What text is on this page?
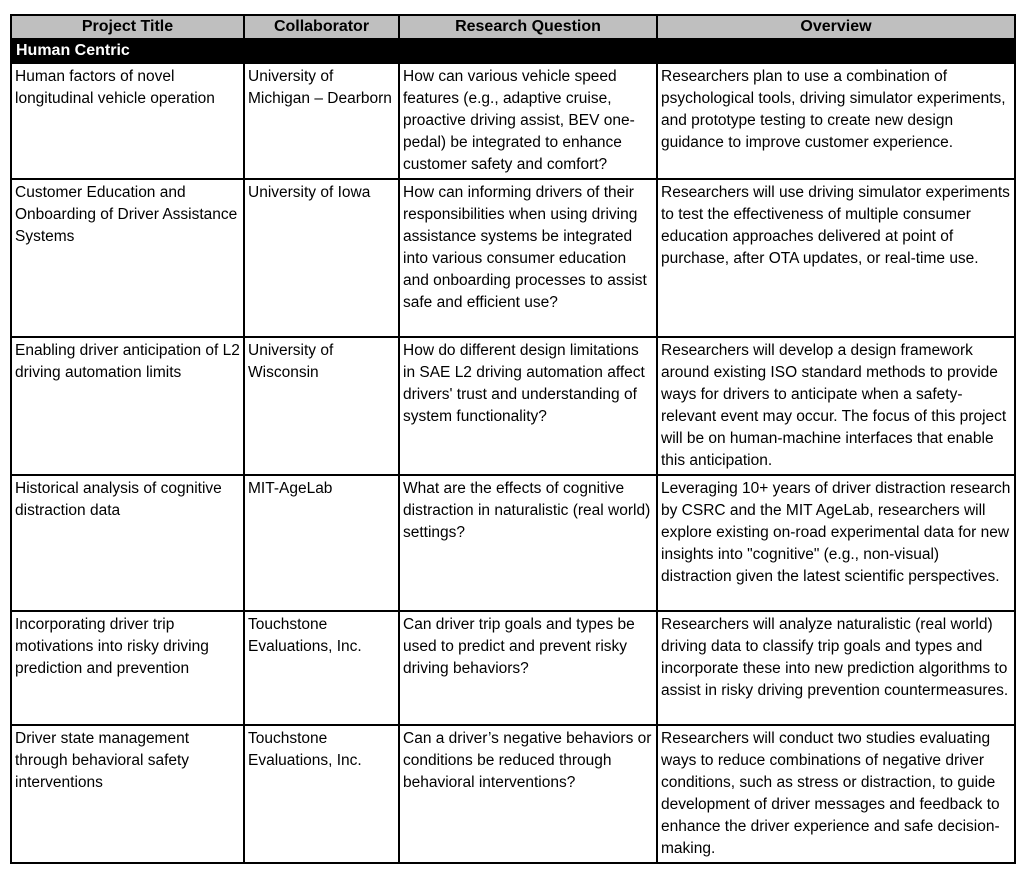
Project Title	Collaborator	Research Question	Overview
Human Centric			
Human factors of novel longitudinal vehicle operation	University of Michigan – Dearborn	How can various vehicle speed features (e.g., adaptive cruise, proactive driving assist, BEV one-pedal) be integrated to enhance customer safety and comfort?	Researchers plan to use a combination of psychological tools, driving simulator experiments, and prototype testing to create new design guidance to improve customer experience.
Customer Education and Onboarding of Driver Assistance Systems	University of Iowa	How can informing drivers of their responsibilities when using driving assistance systems be integrated into various consumer education and onboarding processes to assist safe and efficient use?	Researchers will use driving simulator experiments to test the effectiveness of multiple consumer education approaches delivered at point of purchase, after OTA updates, or real-time use.
Enabling driver anticipation of L2 driving automation limits	University of Wisconsin	How do different design limitations in SAE L2 driving automation affect drivers' trust and understanding of system functionality?	Researchers will develop a design framework around existing ISO standard methods to provide ways for drivers to anticipate when a safety-relevant event may occur. The focus of this project will be on human-machine interfaces that enable this anticipation.
Historical analysis of cognitive distraction data	MIT-AgeLab	What are the effects of cognitive distraction in naturalistic (real world) settings?	Leveraging 10+ years of driver distraction research by CSRC and the MIT AgeLab, researchers will explore existing on-road experimental data for new insights into "cognitive" (e.g., non-visual) distraction given the latest scientific perspectives.
Incorporating driver trip motivations into risky driving prediction and prevention	Touchstone Evaluations, Inc.	Can driver trip goals and types be used to predict and prevent risky driving behaviors?	Researchers will analyze naturalistic (real world) driving data to classify trip goals and types and incorporate these into new prediction algorithms to assist in risky driving prevention countermeasures.
Driver state management through behavioral safety interventions	Touchstone Evaluations, Inc.	Can a driver’s negative behaviors or conditions be reduced through behavioral interventions?	Researchers will conduct two studies evaluating ways to reduce combinations of negative driver conditions, such as stress or distraction, to guide development of driver messages and feedback to enhance the driver experience and safe decision-making.
